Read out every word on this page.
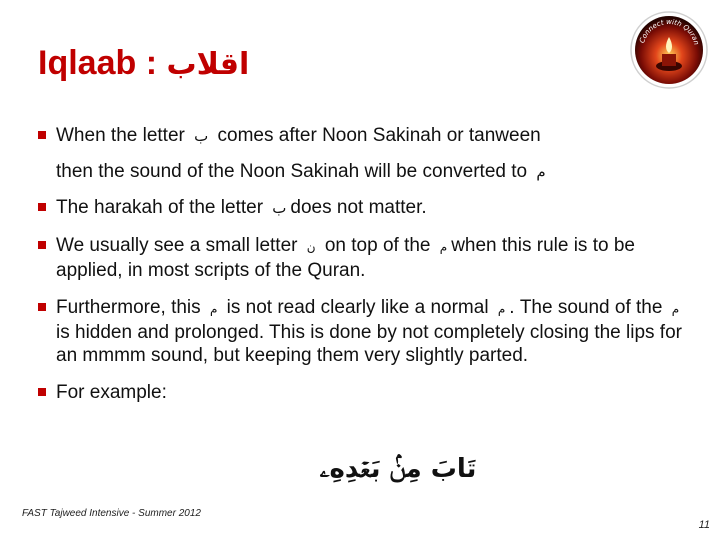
Iqlaab : اقلاب
Connect with Quran
When the letter ب comes after Noon Sakinah or tanween
then the sound of the Noon Sakinah will be converted to م
The harakah of the letter ب does not matter.
We usually see a small letter ن on top of the م when this rule is to be applied, in most scripts of the Quran.
Furthermore, this م is not read clearly like a normal م . The sound of the م is hidden and prolonged. This is done by not completely closing the lips for an mmmm sound, but keeping them very slightly parted.
For example:
تَابَ مِنۢ بَعۡدِهِۦ
FAST Tajweed Intensive - Summer 2012
11
